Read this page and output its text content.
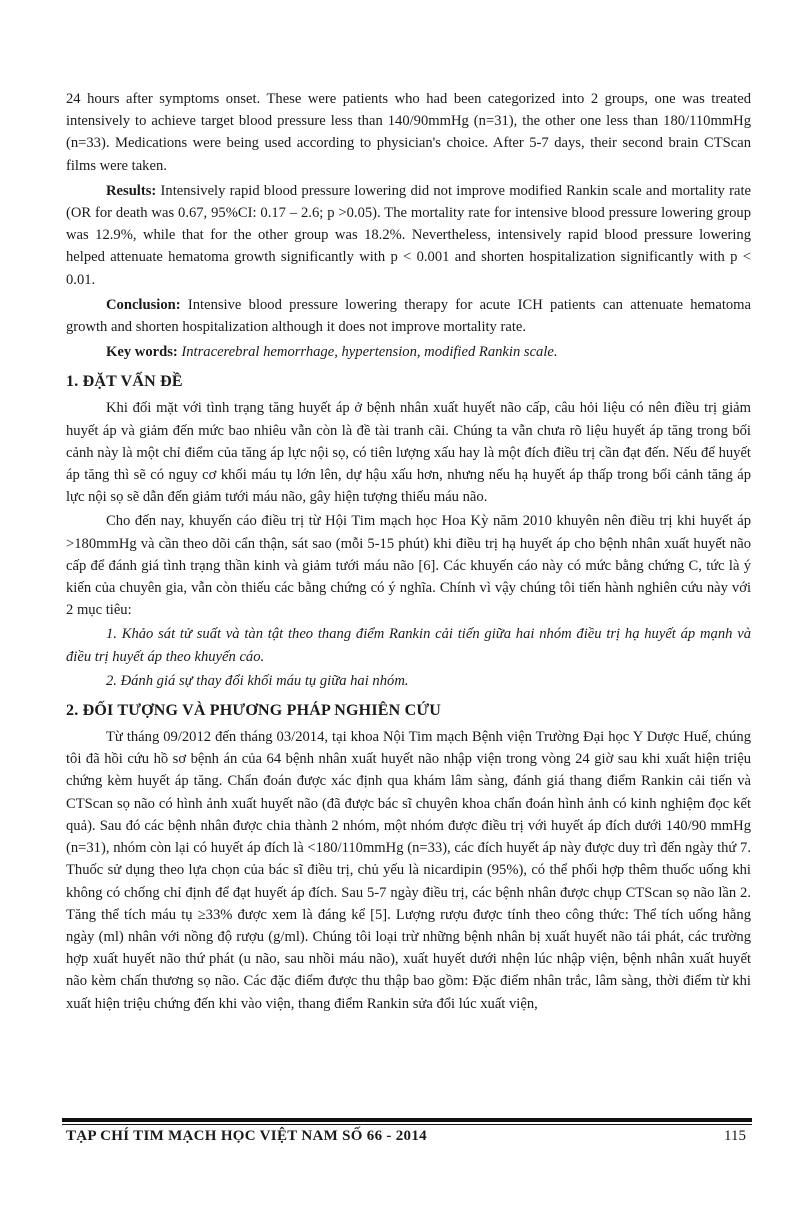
24 hours after symptoms onset. These were patients who had been categorized into 2 groups, one was treated intensively to achieve target blood pressure less than 140/90mmHg (n=31), the other one less than 180/110mmHg (n=33). Medications were being used according to physician's choice. After 5-7 days, their second brain CTScan films were taken.

Results: Intensively rapid blood pressure lowering did not improve modified Rankin scale and mortality rate (OR for death was 0.67, 95%CI: 0.17 – 2.6; p >0.05). The mortality rate for intensive blood pressure lowering group was 12.9%, while that for the other group was 18.2%. Nevertheless, intensively rapid blood pressure lowering helped attenuate hematoma growth significantly with p < 0.001 and shorten hospitalization significantly with p < 0.01.

Conclusion: Intensive blood pressure lowering therapy for acute ICH patients can attenuate hematoma growth and shorten hospitalization although it does not improve mortality rate.

Key words: Intracerebral hemorrhage, hypertension, modified Rankin scale.

1. ĐẶT VẤN ĐỀ

Khi đối mặt với tình trạng tăng huyết áp ở bệnh nhân xuất huyết não cấp, câu hỏi liệu có nên điều trị giảm huyết áp và giảm đến mức bao nhiêu vẫn còn là đề tài tranh cãi. Chúng ta vẫn chưa rõ liệu huyết áp tăng trong bối cảnh này là một chỉ điểm của tăng áp lực nội sọ, có tiên lượng xấu hay là một đích điều trị cần đạt đến. Nếu để huyết áp tăng thì sẽ có nguy cơ khối máu tụ lớn lên, dự hậu xấu hơn, nhưng nếu hạ huyết áp thấp trong bối cảnh tăng áp lực nội sọ sẽ dẫn đến giảm tưới máu não, gây hiện tượng thiếu máu não.

Cho đến nay, khuyến cáo điều trị từ Hội Tim mạch học Hoa Kỳ năm 2010 khuyên nên điều trị khi huyết áp >180mmHg và cần theo dõi cẩn thận, sát sao (mỗi 5-15 phút) khi điều trị hạ huyết áp cho bệnh nhân xuất huyết não cấp để đánh giá tình trạng thần kinh và giảm tưới máu não [6]. Các khuyến cáo này có mức bằng chứng C, tức là ý kiến của chuyên gia, vẫn còn thiếu các bằng chứng có ý nghĩa. Chính vì vậy chúng tôi tiến hành nghiên cứu này với 2 mục tiêu:

1. Khảo sát tử suất và tàn tật theo thang điểm Rankin cải tiến giữa hai nhóm điều trị hạ huyết áp mạnh và điều trị huyết áp theo khuyến cáo.

2. Đánh giá sự thay đổi khối máu tụ giữa hai nhóm.

2. ĐỐI TƯỢNG VÀ PHƯƠNG PHÁP NGHIÊN CỨU

Từ tháng 09/2012 đến tháng 03/2014, tại khoa Nội Tim mạch Bệnh viện Trường Đại học Y Dược Huế, chúng tôi đã hồi cứu hồ sơ bệnh án của 64 bệnh nhân xuất huyết não nhập viện trong vòng 24 giờ sau khi xuất hiện triệu chứng kèm huyết áp tăng. Chẩn đoán được xác định qua khám lâm sàng, đánh giá thang điểm Rankin cải tiến và CTScan sọ não có hình ảnh xuất huyết não (đã được bác sĩ chuyên khoa chẩn đoán hình ảnh có kinh nghiệm đọc kết quả). Sau đó các bệnh nhân được chia thành 2 nhóm, một nhóm được điều trị với huyết áp đích dưới 140/90 mmHg (n=31), nhóm còn lại có huyết áp đích là <180/110mmHg (n=33), các đích huyết áp này được duy trì đến ngày thứ 7. Thuốc sử dụng theo lựa chọn của bác sĩ điều trị, chủ yếu là nicardipin (95%), có thể phối hợp thêm thuốc uống khi không có chống chỉ định để đạt huyết áp đích. Sau 5-7 ngày điều trị, các bệnh nhân được chụp CTScan sọ não lần 2. Tăng thể tích máu tụ ≥33% được xem là đáng kể [5]. Lượng rượu được tính theo công thức: Thể tích uống hằng ngày (ml) nhân với nồng độ rượu (g/ml). Chúng tôi loại trừ những bệnh nhân bị xuất huyết não tái phát, các trường hợp xuất huyết não thứ phát (u não, sau nhồi máu não), xuất huyết dưới nhện lúc nhập viện, bệnh nhân xuất huyết não kèm chấn thương sọ não. Các đặc điểm được thu thập bao gồm: Đặc điểm nhân trắc, lâm sàng, thời điểm từ khi xuất hiện triệu chứng đến khi vào viện, thang điểm Rankin sửa đổi lúc xuất viện,

TẠP CHÍ TIM MẠCH HỌC VIỆT NAM SỐ 66 - 2014	115
